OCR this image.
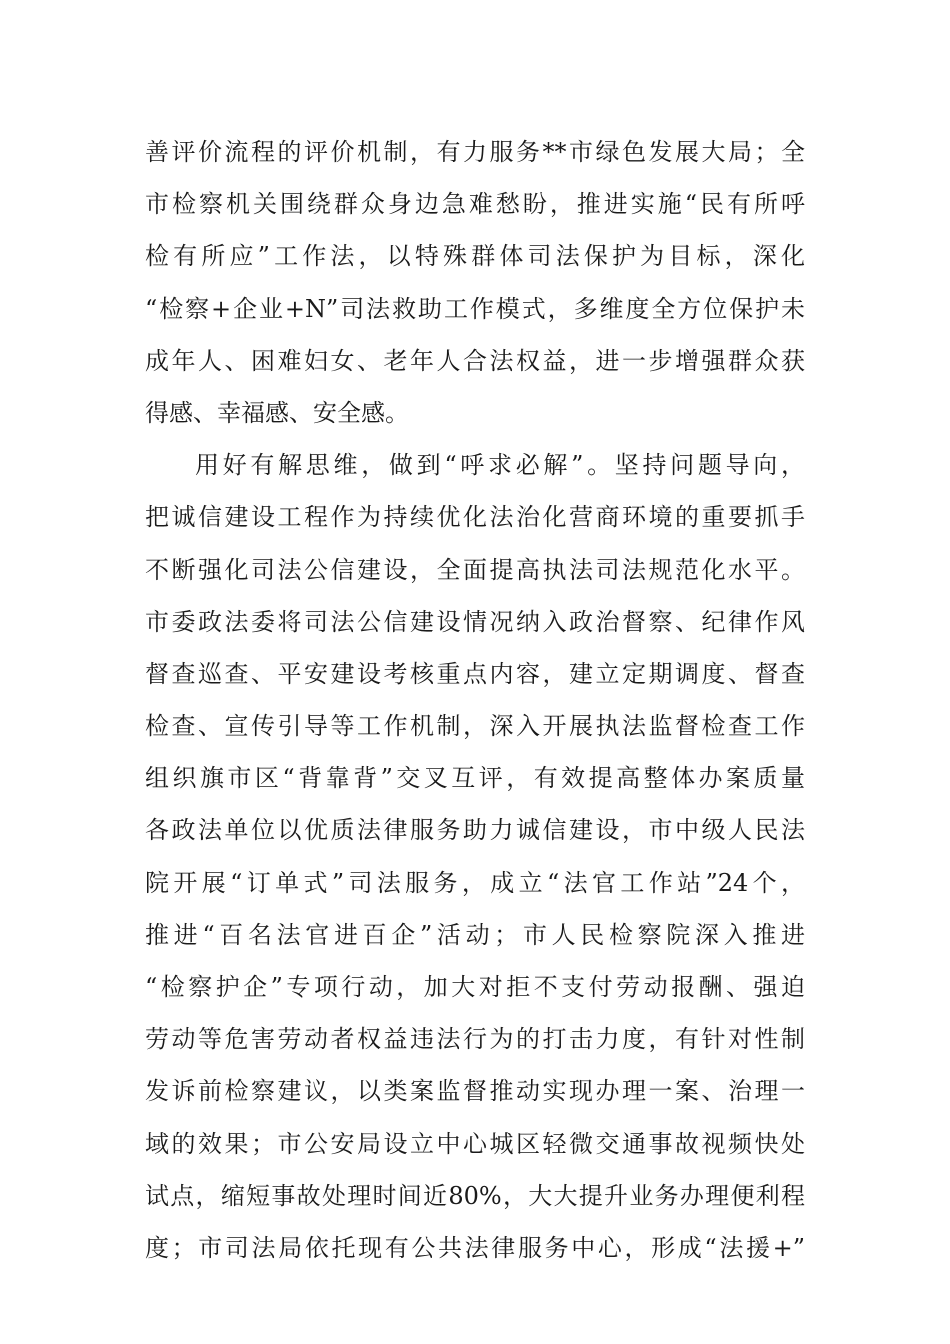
善评价流程的评价机制，有力服务**市绿色发展大局；全
市检察机关围绕群众身边急难愁盼，推进实施“民有所呼
检有所应”工作法，以特殊群体司法保护为目标，深化
“检察+企业+N”司法救助工作模式，多维度全方位保护未
成年人、困难妇女、老年人合法权益，进一步增强群众获
得感、幸福感、安全感。
用好有解思维，做到“呼求必解”。坚持问题导向，
把诚信建设工程作为持续优化法治化营商环境的重要抓手
不断强化司法公信建设，全面提高执法司法规范化水平。
市委政法委将司法公信建设情况纳入政治督察、纪律作风
督查巡查、平安建设考核重点内容，建立定期调度、督查
检查、宣传引导等工作机制，深入开展执法监督检查工作
组织旗市区“背靠背”交叉互评，有效提高整体办案质量
各政法单位以优质法律服务助力诚信建设，市中级人民法
院开展“订单式”司法服务，成立“法官工作站”24个，
推进“百名法官进百企”活动；市人民检察院深入推进
“检察护企”专项行动，加大对拒不支付劳动报酬、强迫
劳动等危害劳动者权益违法行为的打击力度，有针对性制
发诉前检察建议，以类案监督推动实现办理一案、治理一
域的效果；市公安局设立中心城区轻微交通事故视频快处
试点，缩短事故处理时间近80%，大大提升业务办理便利程
度；市司法局依托现有公共法律服务中心，形成“法援+”
